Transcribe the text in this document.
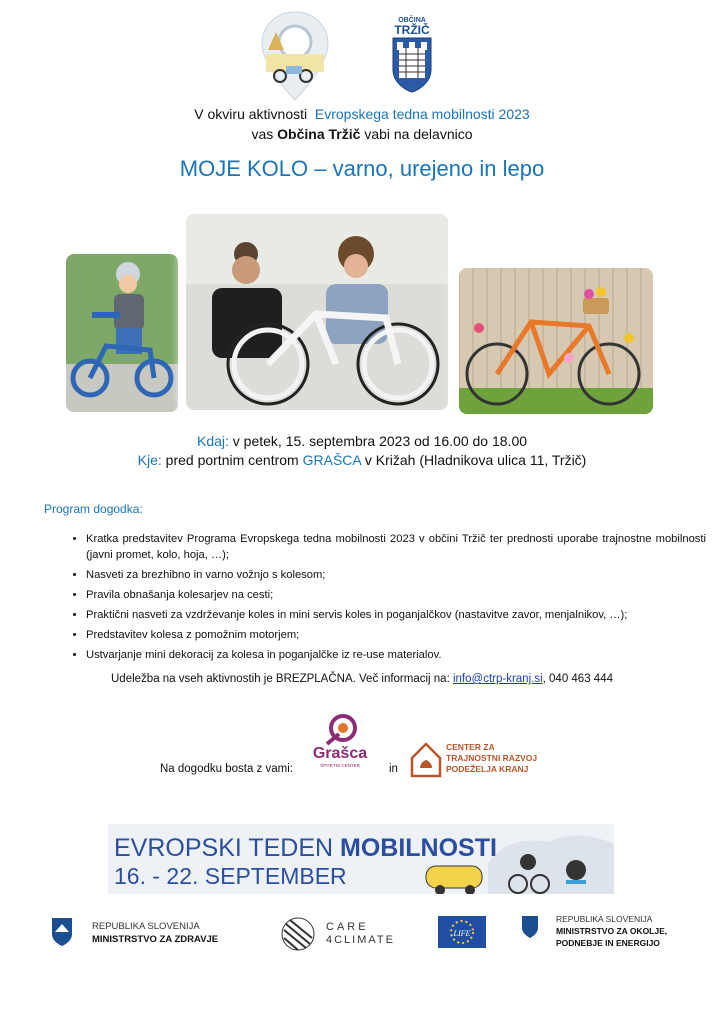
OBČINA
TRŽIČ
V okviru aktivnosti Evropskega tedna mobilnosti 2023
vas Občina Tržič vabi na delavnico
MOJE KOLO – varno, urejeno in lepo
Kdaj: v petek, 15. septembra 2023 od 16.00 do 18.00
Kje: pred portnim centrom GRAŠCA v Križah (Hladnikova ulica 11, Tržič)
Program dogodka:
• Kratka predstavitev Programa Evropskega tedna mobilnosti 2023 v občini Tržič ter prednosti uporabe trajnostne mobilnosti (javni promet, kolo, hoja, …);
• Nasveti za brezhibno in varno vožnjo s kolesom;
• Pravila obnašanja kolesarjev na cesti;
• Praktični nasveti za vzdrževanje koles in mini servis koles in poganjalčkov (nastavitve zavor, menjalnikov, …);
• Predstavitev kolesa z pomožnim motorjem;
• Ustvarjanje mini dekoracij za kolesa in poganjalčke iz re-use materialov.
Udeležba na vseh aktivnostih je BREZPLAČNA. Več informacij na: info@ctrp-kranj.si, 040 463 444
Na dogodku bosta z vami:
Grašca
ŠPORTNI CENTER	in
CENTER ZA
TRAJNOSTNI RAZVOJ
PODEŽELJA KRANJ
EVROPSKI TEDEN MOBILNOSTI
16. - 22. SEPTEMBER
REPUBLIKA SLOVENIJA
MINISTRSTVO ZA ZDRAVJE
CARE
4CLIMATE
LIFE
REPUBLIKA SLOVENIJA
MINISTRSTVO ZA OKOLJE,
PODNEBJE IN ENERGIJO
